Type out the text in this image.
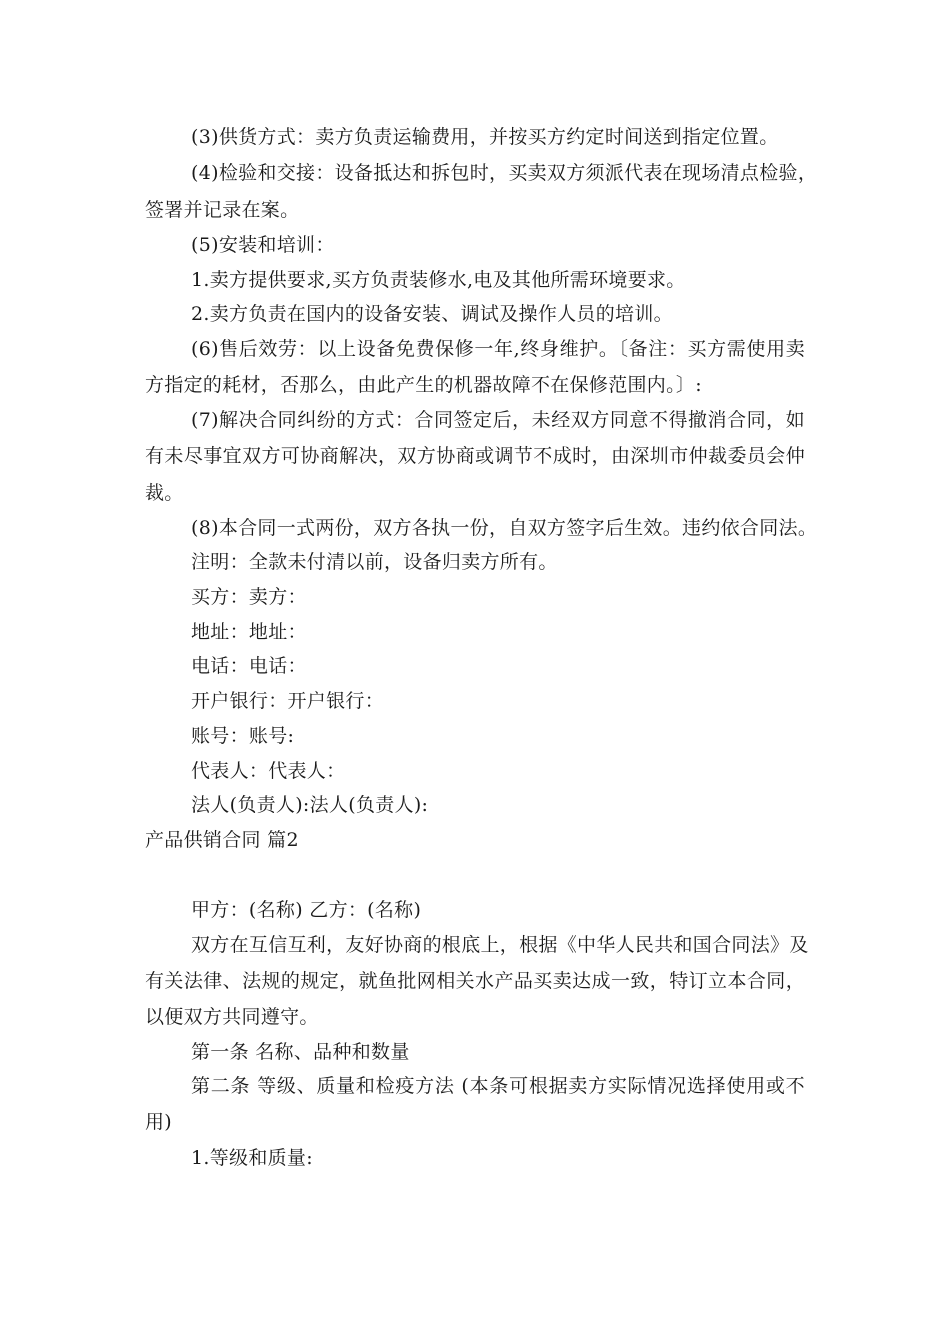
(3)供货方式：卖方负责运输费用，并按买方约定时间送到指定位置。
(4)检验和交接：设备抵达和拆包时，买卖双方须派代表在现场清点检验，
签署并记录在案。
(5)安装和培训：
1.卖方提供要求,买方负责装修水,电及其他所需环境要求。
2.卖方负责在国内的设备安装、调试及操作人员的培训。
(6)售后效劳：以上设备免费保修一年,终身维护。〔备注：买方需使用卖
方指定的耗材，否那么，由此产生的机器故障不在保修范围内。〕:
(7)解决合同纠纷的方式：合同签定后，未经双方同意不得撤消合同，如
有未尽事宜双方可协商解决，双方协商或调节不成时，由深圳市仲裁委员会仲
裁。
(8)本合同一式两份，双方各执一份，自双方签字后生效。违约依合同法。
注明：全款未付清以前，设备归卖方所有。
买方：卖方：
地址：地址：
电话：电话：
开户银行：开户银行：
账号：账号:
代表人：代表人：
法人(负责人):法人(负责人):
产品供销合同 篇2
甲方：(名称) 乙方：(名称)
双方在互信互利，友好协商的根底上，根据《中华人民共和国合同法》及
有关法律、法规的规定，就鱼批网相关水产品买卖达成一致，特订立本合同，
以便双方共同遵守。
第一条 名称、品种和数量
第二条 等级、质量和检疫方法 (本条可根据卖方实际情况选择使用或不
用)
1.等级和质量:
